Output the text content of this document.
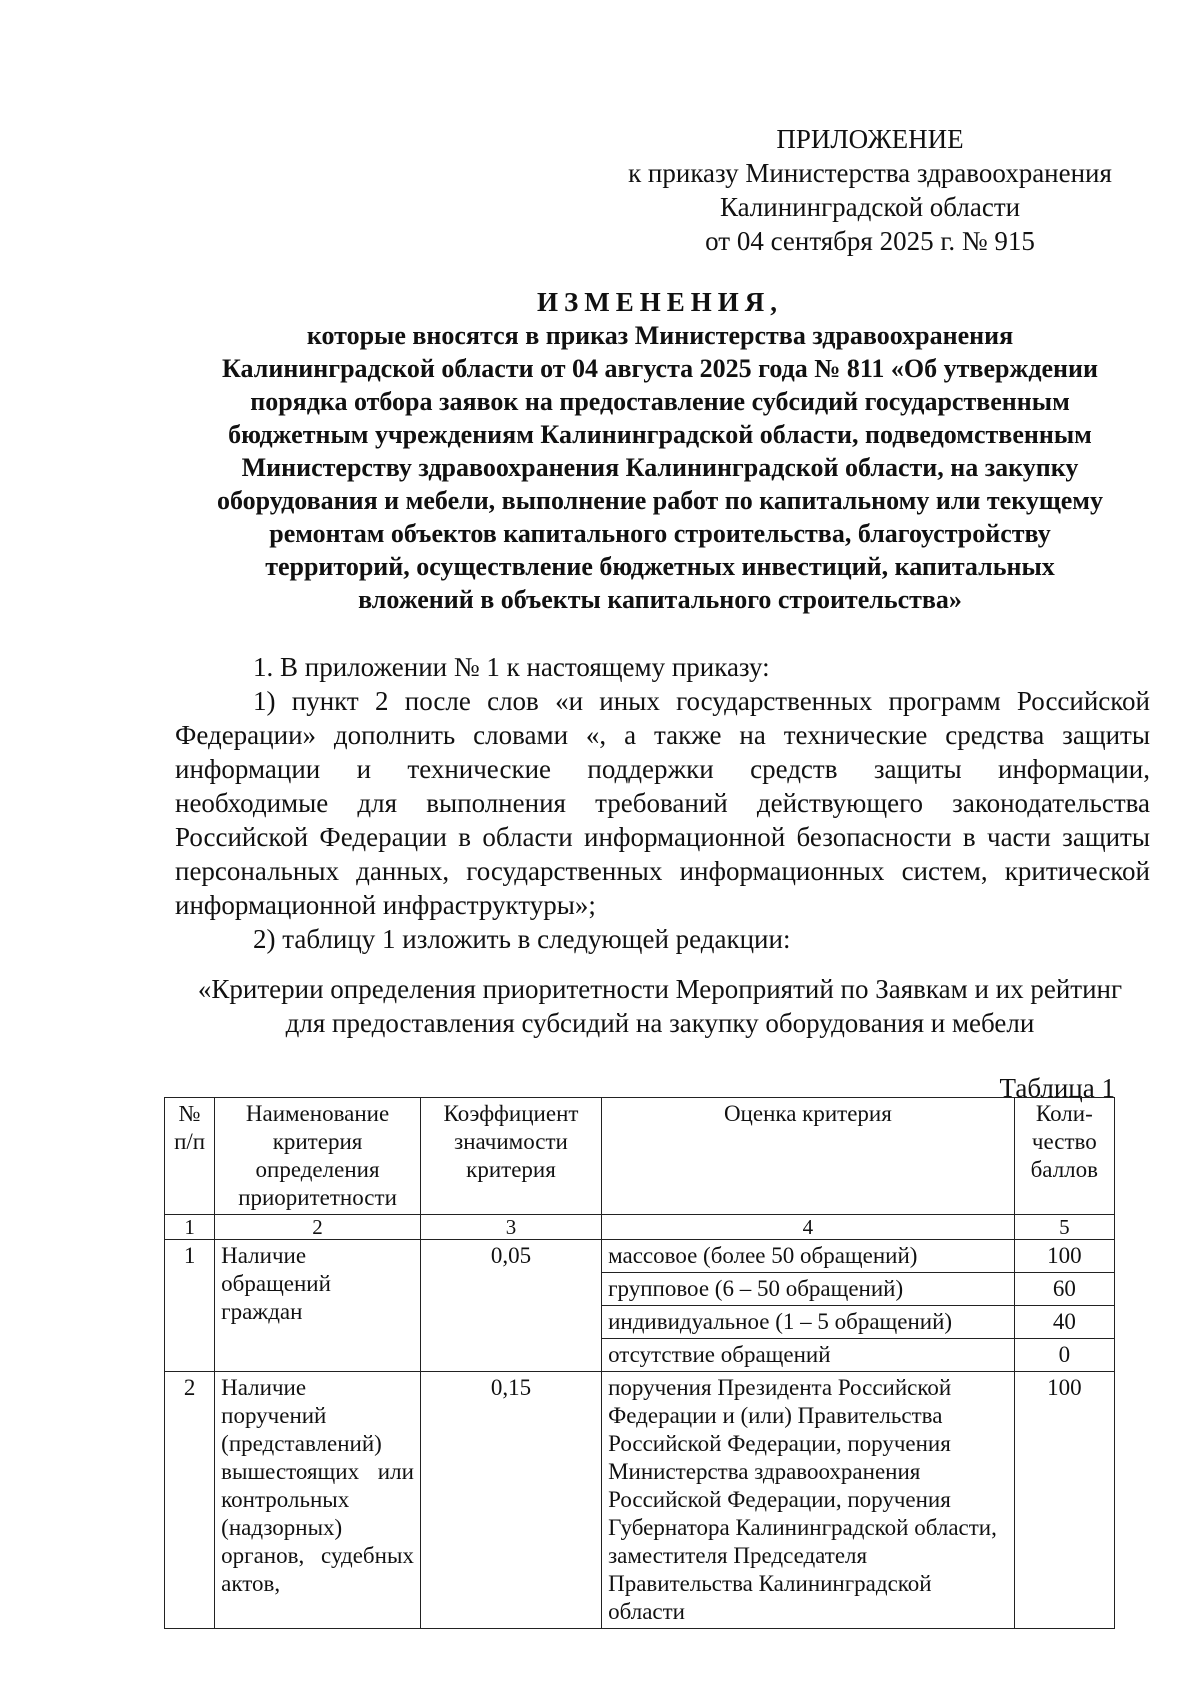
ПРИЛОЖЕНИЕ
к приказу Министерства здравоохранения
Калининградской области
от 04 сентября 2025 г. № 915
ИЗМЕНЕНИЯ,
которые вносятся в приказ Министерства здравоохранения
Калининградской области от 04 августа 2025 года № 811 «Об утверждении
порядка отбора заявок на предоставление субсидий государственным
бюджетным учреждениям Калининградской области, подведомственным
Министерству здравоохранения Калининградской области, на закупку
оборудования и мебели, выполнение работ по капитальному или текущему
ремонтам объектов капитального строительства, благоустройству
территорий, осуществление бюджетных инвестиций, капитальных
вложений в объекты капитального строительства»

1. В приложении № 1 к настоящему приказу:

1) пункт 2 после слов «и иных государственных программ Российской
Федерации» дополнить словами «, а также на технические средства защиты
информации и технические поддержки средств защиты информации,
необходимые для выполнения требований действующего законодательства
Российской Федерации в области информационной безопасности в части защиты
персональных данных, государственных информационных систем, критической
информационной инфраструктуры»;

2) таблицу 1 изложить в следующей редакции:

«Критерии определения приоритетности Мероприятий по Заявкам и их рейтинг
для предоставления субсидий на закупку оборудования и мебели
Таблица 1
№ п/п	Наименование критерия определения приоритетности	Коэффициент значимости критерия	Оценка критерия	Коли-чество баллов
1	2	3	4	5
1	Наличие обращений граждан	0,05	массовое (более 50 обращений)	100
			групповое (6 – 50 обращений)	60
			индивидуальное (1 – 5 обращений)	40
			отсутствие обращений	0
2	Наличие поручений (представлений) вышестоящих или контрольных (надзорных) органов, судебных актов,	0,15	поручения Президента Российской Федерации и (или) Правительства Российской Федерации, поручения Министерства здравоохранения Российской Федерации, поручения Губернатора Калининградской области, заместителя Председателя Правительства Калининградской области	100
